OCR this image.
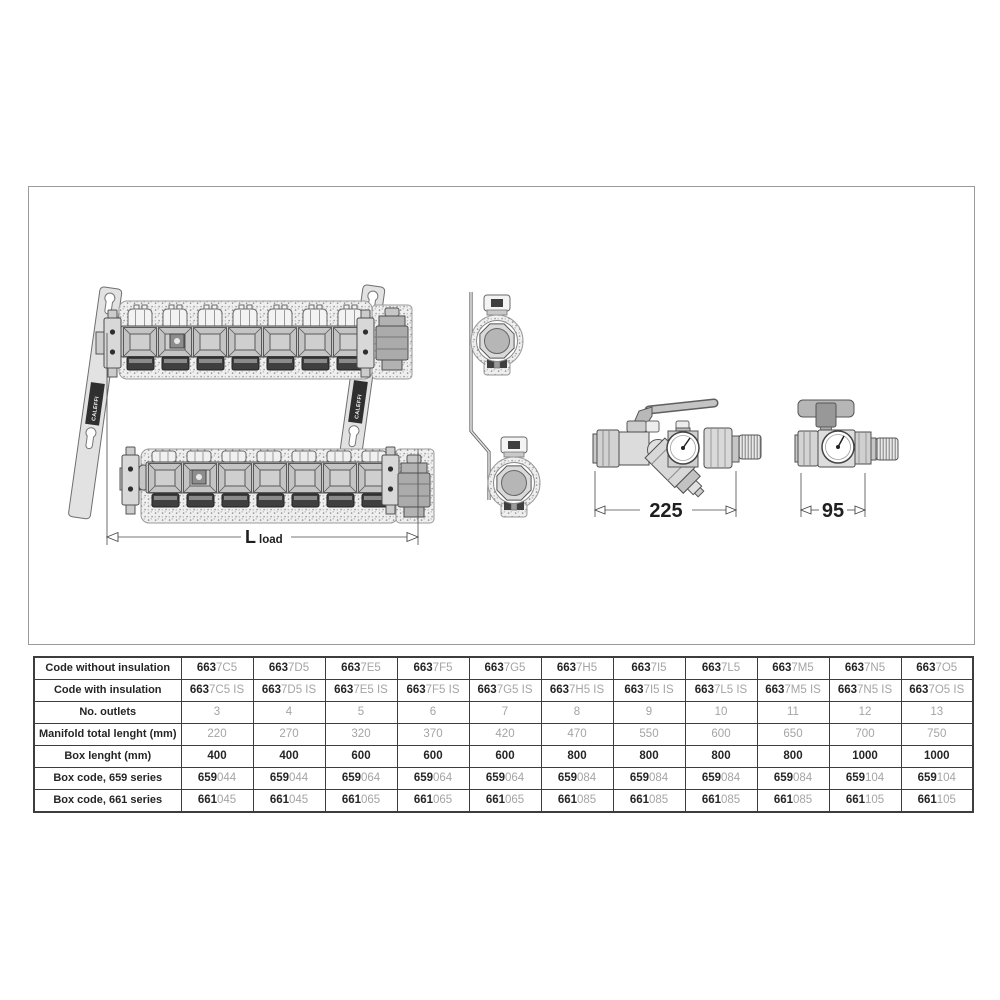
CALEFFI	CALEFFI
L load
225	95
Code without insulation	6637C5	6637D5	6637E5	6637F5	6637G5	6637H5	6637I5	6637L5	6637M5	6637N5	6637O5
Code with insulation	6637C5 IS	6637D5 IS	6637E5 IS	6637F5 IS	6637G5 IS	6637H5 IS	6637I5 IS	6637L5 IS	6637M5 IS	6637N5 IS	6637O5 IS
No. outlets	3	4	5	6	7	8	9	10	11	12	13
Manifold total lenght (mm)	220	270	320	370	420	470	550	600	650	700	750
Box lenght (mm)	400	400	600	600	600	800	800	800	800	1000	1000
Box code, 659 series	659044	659044	659064	659064	659064	659084	659084	659084	659084	659104	659104
Box code, 661 series	661045	661045	661065	661065	661065	661085	661085	661085	661085	661105	661105
